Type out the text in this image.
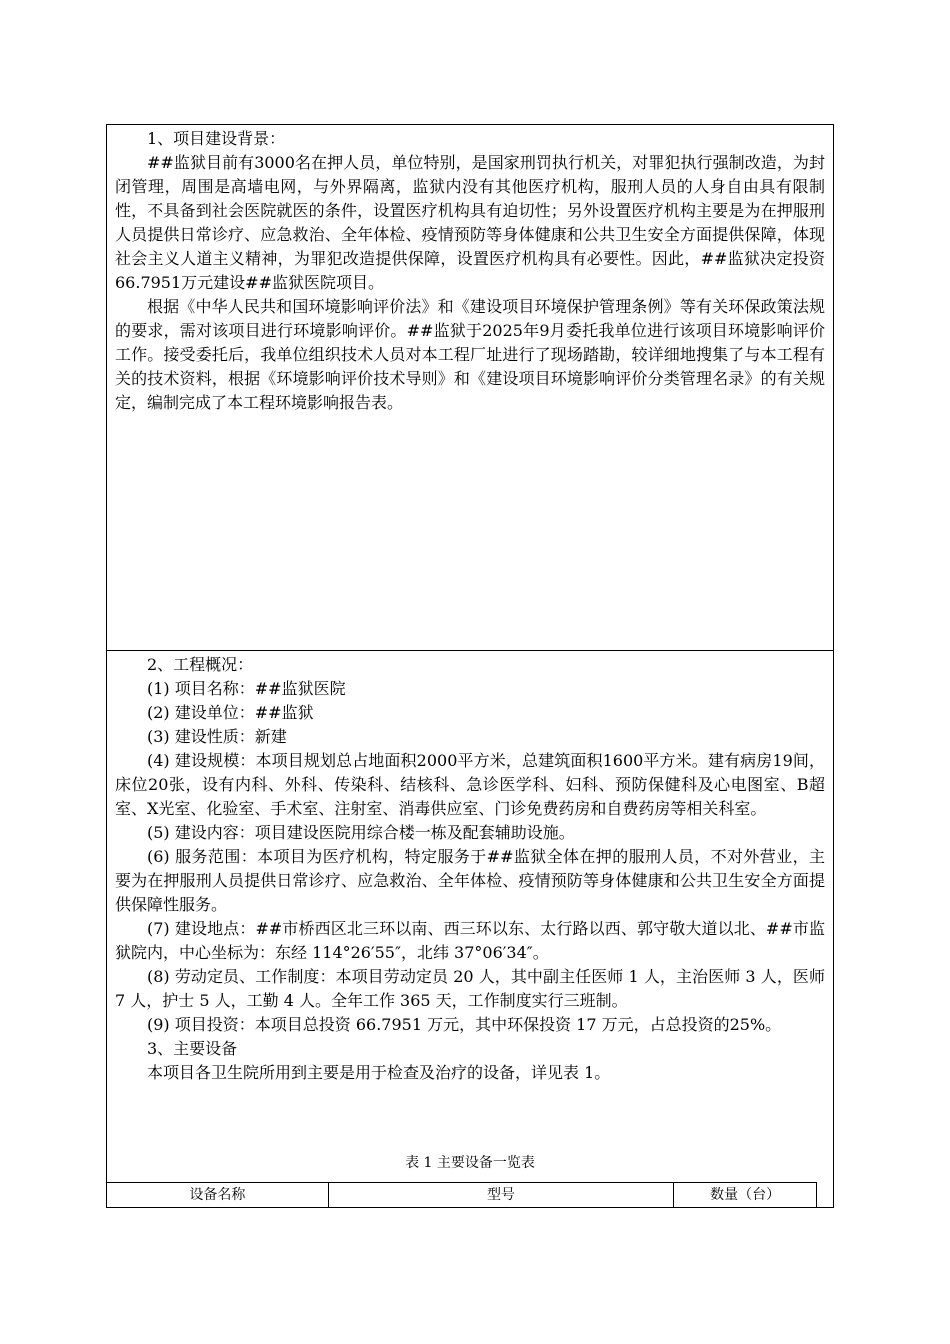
1、项目建设背景：

##监狱目前有3000名在押人员，单位特别，是国家刑罚执行机关，对罪犯执行强制改造，为封闭管理，周围是高墙电网，与外界隔离，监狱内没有其他医疗机构，服刑人员的人身自由具有限制性，不具备到社会医院就医的条件，设置医疗机构具有迫切性；另外设置医疗机构主要是为在押服刑人员提供日常诊疗、应急救治、全年体检、疫情预防等身体健康和公共卫生安全方面提供保障，体现社会主义人道主义精神，为罪犯改造提供保障，设置医疗机构具有必要性。因此，##监狱决定投资66.7951万元建设##监狱医院项目。

根据《中华人民共和国环境影响评价法》和《建设项目环境保护管理条例》等有关环保政策法规的要求，需对该项目进行环境影响评价。##监狱于2025年9月委托我单位进行该项目环境影响评价工作。接受委托后，我单位组织技术人员对本工程厂址进行了现场踏勘，较详细地搜集了与本工程有关的技术资料，根据《环境影响评价技术导则》和《建设项目环境影响评价分类管理名录》的有关规定，编制完成了本工程环境影响报告表。

2、工程概况：

(1) 项目名称：##监狱医院

(2) 建设单位：##监狱

(3) 建设性质：新建

(4) 建设规模：本项目规划总占地面积2000平方米，总建筑面积1600平方米。建有病房19间，床位20张，设有内科、外科、传染科、结核科、急诊医学科、妇科、预防保健科及心电图室、B超室、X光室、化验室、手术室、注射室、消毒供应室、门诊免费药房和自费药房等相关科室。

(5) 建设内容：项目建设医院用综合楼一栋及配套辅助设施。

(6) 服务范围：本项目为医疗机构，特定服务于##监狱全体在押的服刑人员，不对外营业，主要为在押服刑人员提供日常诊疗、应急救治、全年体检、疫情预防等身体健康和公共卫生安全方面提供保障性服务。

(7) 建设地点：##市桥西区北三环以南、西三环以东、太行路以西、郭守敬大道以北、##市监狱院内，中心坐标为：东经 114°26′55″，北纬 37°06′34″。

(8) 劳动定员、工作制度：本项目劳动定员 20 人，其中副主任医师 1 人，主治医师 3 人，医师 7 人，护士 5 人，工勤 4 人。全年工作 365 天，工作制度实行三班制。

(9) 项目投资：本项目总投资 66.7951 万元，其中环保投资 17 万元，占总投资的25%。

3、主要设备

本项目各卫生院所用到主要是用于检查及治疗的设备，详见表 1。

表 1 主要设备一览表
设备名称	型号	数量（台）
